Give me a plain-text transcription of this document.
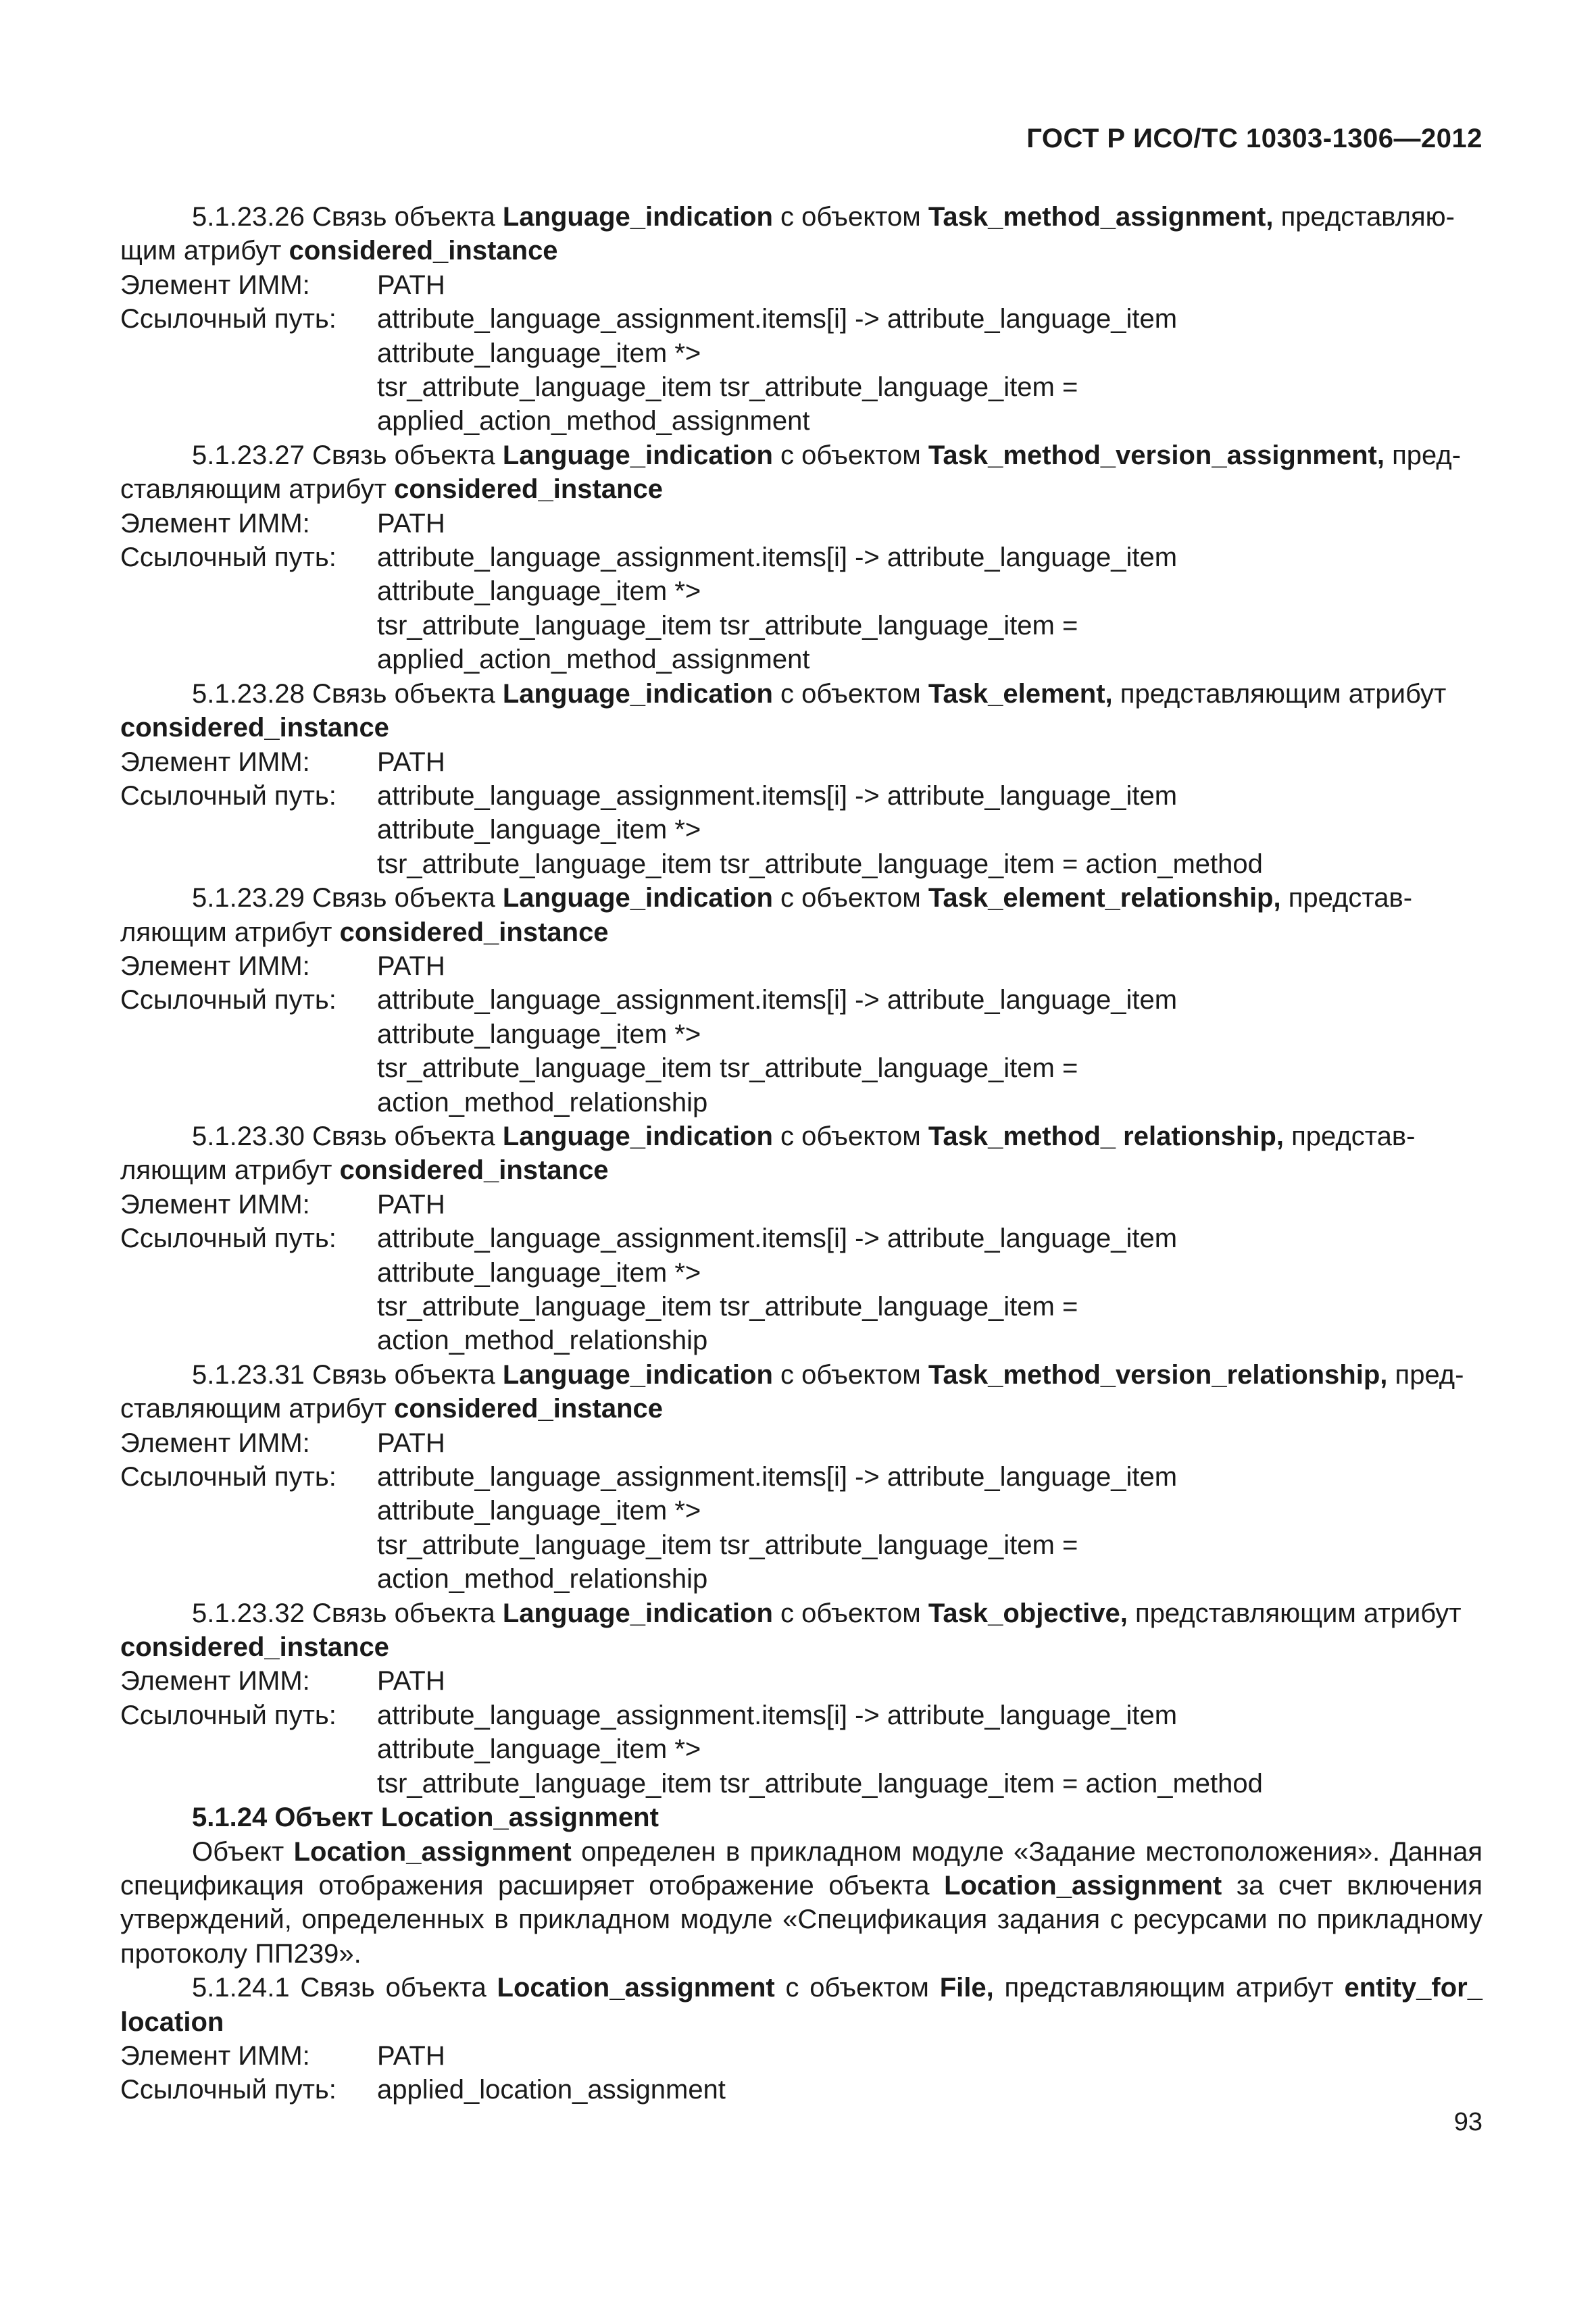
ГОСТ Р ИСО/ТС 10303-1306—2012
5.1.23.26 Связь объекта Language_indication с объектом Task_method_assignment, представляю-
щим атрибут considered_instance
Элемент ИММ:	PATH
Ссылочный путь:	attribute_language_assignment.items[i] -> attribute_language_item
attribute_language_item *>
tsr_attribute_language_item tsr_attribute_language_item =
applied_action_method_assignment
5.1.23.27 Связь объекта Language_indication с объектом Task_method_version_assignment, пред-
ставляющим атрибут considered_instance
Элемент ИММ:	PATH
Ссылочный путь:	attribute_language_assignment.items[i] -> attribute_language_item
attribute_language_item *>
tsr_attribute_language_item tsr_attribute_language_item =
applied_action_method_assignment
5.1.23.28 Связь объекта Language_indication с объектом Task_element, представляющим атрибут
considered_instance
Элемент ИММ:	PATH
Ссылочный путь:	attribute_language_assignment.items[i] -> attribute_language_item
attribute_language_item *>
tsr_attribute_language_item tsr_attribute_language_item = action_method
5.1.23.29 Связь объекта Language_indication с объектом Task_element_relationship, представ-
ляющим атрибут considered_instance
Элемент ИММ:	PATH
Ссылочный путь:	attribute_language_assignment.items[i] -> attribute_language_item
attribute_language_item *>
tsr_attribute_language_item tsr_attribute_language_item =
action_method_relationship
5.1.23.30 Связь объекта Language_indication с объектом Task_method_ relationship, представ-
ляющим атрибут considered_instance
Элемент ИММ:	PATH
Ссылочный путь:	attribute_language_assignment.items[i] -> attribute_language_item
attribute_language_item *>
tsr_attribute_language_item tsr_attribute_language_item =
action_method_relationship
5.1.23.31 Связь объекта Language_indication с объектом Task_method_version_relationship, пред-
ставляющим атрибут considered_instance
Элемент ИММ:	PATH
Ссылочный путь:	attribute_language_assignment.items[i] -> attribute_language_item
attribute_language_item *>
tsr_attribute_language_item tsr_attribute_language_item =
action_method_relationship
5.1.23.32 Связь объекта Language_indication с объектом Task_objective, представляющим атрибут
considered_instance
Элемент ИММ:	PATH
Ссылочный путь:	attribute_language_assignment.items[i] -> attribute_language_item
attribute_language_item *>
tsr_attribute_language_item tsr_attribute_language_item = action_method
5.1.24 Объект Location_assignment
Объект Location_assignment определен в прикладном модуле «Задание местоположения». Данная спецификация отображения расширяет отображение объекта Location_assignment за счет включения утверждений, определенных в прикладном модуле «Спецификация задания с ресурсами по прикладному протоколу ПП239».
5.1.24.1 Связь объекта Location_assignment с объектом File, представляющим атрибут entity_for_ location
Элемент ИММ:	PATH
Ссылочный путь:	applied_location_assignment
93
